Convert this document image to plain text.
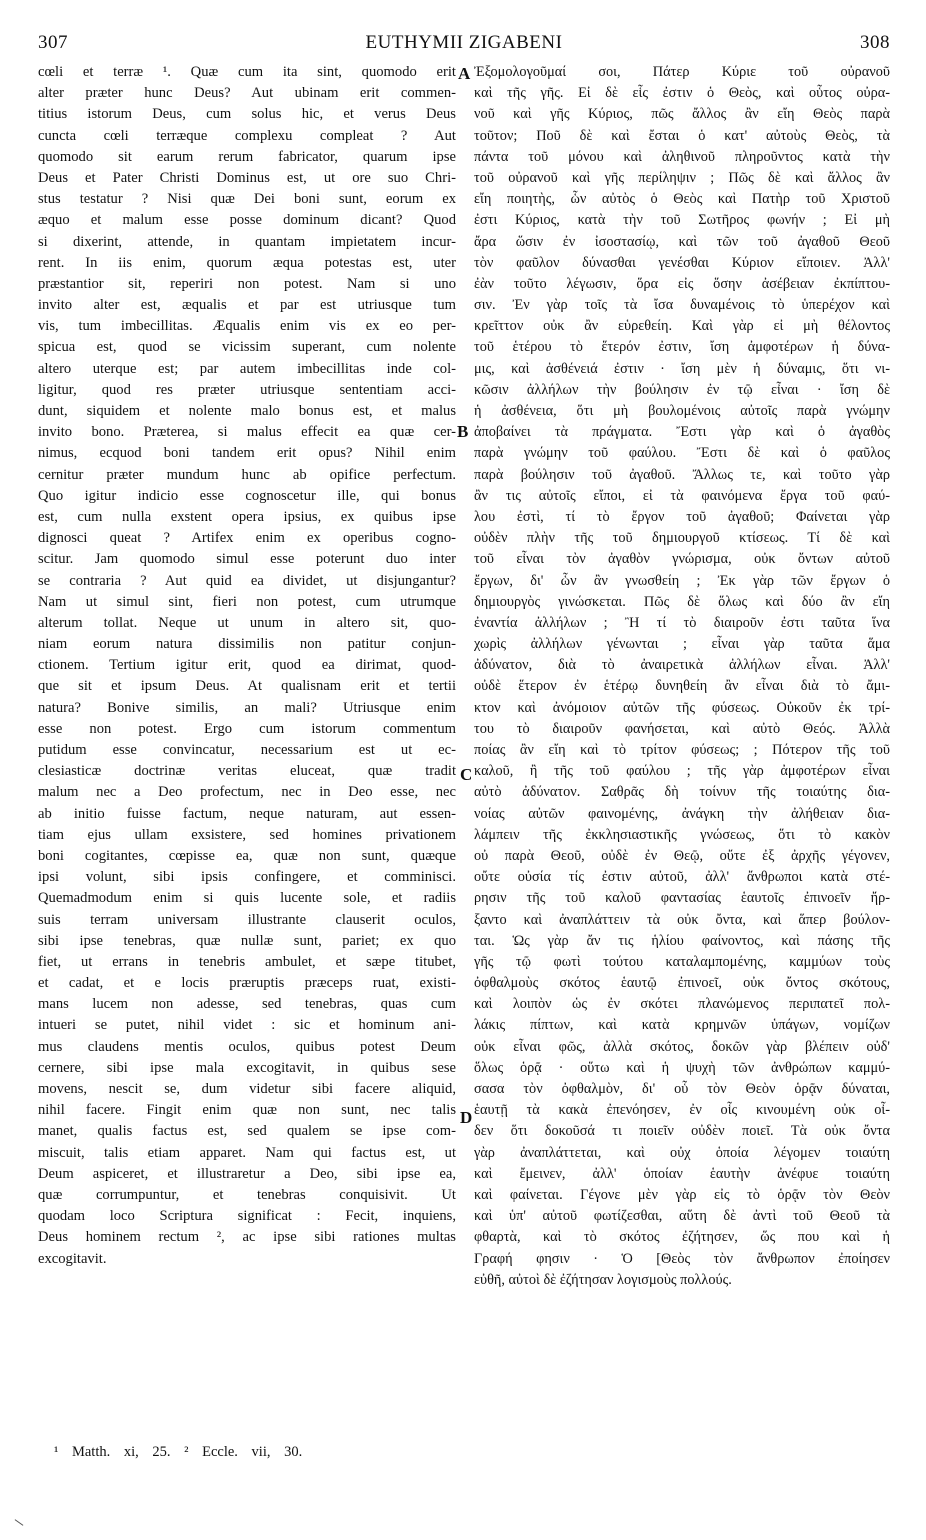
307	EUTHYMII ZIGABENI	308
cœli et terræ ¹. Quæ cum ita sint, quomodo erit
alter præter hunc Deus? Aut ubinam erit commen-
titius istorum Deus, cum solus hic, et verus Deus
cuncta cœli terræque complexu compleat ? Aut
quomodo sit earum rerum fabricator, quarum ipse
Deus et Pater Christi Dominus est, ut ore suo Chri-
stus testatur ? Nisi quæ Dei boni sunt, eorum ex
æquo et malum esse posse dominum dicant? Quod
si dixerint, attende, in quantam impietatem incur-
rent. In iis enim, quorum æqua potestas est, uter
præstantior sit, reperiri non potest. Nam si uno
invito alter est, æqualis et par est utriusque tum
vis, tum imbecillitas. Æqualis enim vis ex eo per-
spicua est, quod se vicissim superant, cum nolente
altero uterque est; par autem imbecillitas inde col-
ligitur, quod res præter utriusque sententiam acci-
dunt, siquidem et nolente malo bonus est, et malus
invito bono. Præterea, si malus effecit ea quæ cer-
nimus, ecquod boni tandem erit opus? Nihil enim
cernitur præter mundum hunc ab opifice perfectum.
Quo igitur indicio esse cognoscetur ille, qui bonus
est, cum nulla exstent opera ipsius, ex quibus ipse
dignosci queat ? Artifex enim ex operibus cogno-
scitur. Jam quomodo simul esse poterunt duo inter
se contraria ? Aut quid ea dividet, ut disjungantur?
Nam ut simul sint, fieri non potest, cum utrumque
alterum tollat. Neque ut unum in altero sit, quo-
niam eorum natura dissimilis non patitur conjun-
ctionem. Tertium igitur erit, quod ea dirimat, quod-
que sit et ipsum Deus. At qualisnam erit et tertii
natura? Bonive similis, an mali? Utriusque enim
esse non potest. Ergo cum istorum commentum
putidum esse convincatur, necessarium est ut ec-
clesiasticæ doctrinæ veritas eluceat, quæ tradit
malum nec a Deo profectum, nec in Deo esse, nec
ab initio fuisse factum, neque naturam, aut essen-
tiam ejus ullam exsistere, sed homines privationem
boni cogitantes, cœpisse ea, quæ non sunt, quæque
ipsi volunt, sibi ipsis confingere, et comminisci.
Quemadmodum enim si quis lucente sole, et radiis
suis terram universam illustrante clauserit oculos,
sibi ipse tenebras, quæ nullæ sunt, pariet; ex quo
fiet, ut errans in tenebris ambulet, et sæpe titubet,
et cadat, et e locis præruptis præceps ruat, existi-
mans lucem non adesse, sed tenebras, quas cum
intueri se putet, nihil videt : sic et hominum ani-
mus claudens mentis oculos, quibus potest Deum
cernere, sibi ipse mala excogitavit, in quibus sese
movens, nescit se, dum videtur sibi facere aliquid,
nihil facere. Fingit enim quæ non sunt, nec talis
manet, qualis factus est, sed qualem se ipse com-
miscuit, talis etiam apparet. Nam qui factus est, ut
Deum aspiceret, et illustraretur a Deo, sibi ipse ea,
quæ corrumpuntur, et tenebras conquisivit. Ut
quodam loco Scriptura significat : Fecit, inquiens,
Deus hominem rectum ², ac ipse sibi rationes multas
excogitavit.
Ἐξομολογοῦμαί σοι, Πάτερ Κύριε τοῦ οὐρανοῦ
καὶ τῆς γῆς. Εἰ δὲ εἷς ἐστιν ὁ Θεὸς, καὶ οὗτος οὐρα-
νοῦ καὶ γῆς Κύριος, πῶς ἄλλος ἂν εἴη Θεὸς παρὰ
τοῦτον; Ποῦ δὲ καὶ ἔσται ὁ κατ' αὐτοὺς Θεὸς, τὰ
πάντα τοῦ μόνου καὶ ἀληθινοῦ πληροῦντος κατὰ τὴν
τοῦ οὐρανοῦ καὶ γῆς περίληψιν ; Πῶς δὲ καὶ ἄλλος ἂν
εἴη ποιητὴς, ὧν αὐτὸς ὁ Θεὸς καὶ Πατὴρ τοῦ Χριστοῦ
ἐστι Κύριος, κατὰ τὴν τοῦ Σωτῆρος φωνήν ; Εἰ μὴ
ἄρα ὥσιν ἐν ἰσοστασίῳ, καὶ τῶν τοῦ ἀγαθοῦ Θεοῦ
τὸν φαῦλον δύνασθαι γενέσθαι Κύριον εἴποιεν. Ἀλλ'
ἐὰν τοῦτο λέγωσιν, ὅρα εἰς ὅσην ἀσέβειαν ἐκπίπτου-
σιν. Ἐν γὰρ τοῖς τὰ ἴσα δυναμένοις τὸ ὑπερέχον καὶ
κρεῖττον οὐκ ἂν εὑρεθείη. Καὶ γὰρ εἰ μὴ θέλοντος
τοῦ ἑτέρου τὸ ἕτερόν ἐστιν, ἴση ἀμφοτέρων ἡ δύνα-
μις, καὶ ἀσθένειά ἐστιν · ἴση μὲν ἡ δύναμις, ὅτι νι-
κῶσιν ἀλλήλων τὴν βούλησιν ἐν τῷ εἶναι · ἴση δὲ
ἡ ἀσθένεια, ὅτι μὴ βουλομένοις αὐτοῖς παρὰ γνώμην
ἀποβαίνει τὰ πράγματα. Ἔστι γὰρ καὶ ὁ ἀγαθὸς
παρὰ γνώμην τοῦ φαύλου. Ἔστι δὲ καὶ ὁ φαῦλος
παρὰ βούλησιν τοῦ ἀγαθοῦ. Ἄλλως τε, καὶ τοῦτο γὰρ
ἂν τις αὐτοῖς εἴποι, εἰ τὰ φαινόμενα ἔργα τοῦ φαύ-
λου ἐστὶ, τί τὸ ἔργον τοῦ ἀγαθοῦ; Φαίνεται γὰρ
οὐδὲν πλὴν τῆς τοῦ δημιουργοῦ κτίσεως. Τί δὲ καὶ
τοῦ εἶναι τὸν ἀγαθὸν γνώρισμα, οὐκ ὄντων αὐτοῦ
ἔργων, δι' ὧν ἂν γνωσθείη ; Ἐκ γὰρ τῶν ἔργων ὁ
δημιουργὸς γινώσκεται. Πῶς δὲ ὅλως καὶ δύο ἂν εἴη
ἐναντία ἀλλήλων ; Ἢ τί τὸ διαιροῦν ἐστι ταῦτα ἵνα
χωρὶς ἀλλήλων γένωνται ; εἶναι γὰρ ταῦτα ἅμα
ἀδύνατον, διὰ τὸ ἀναιρετικὰ ἀλλήλων εἶναι. Ἀλλ'
οὐδὲ ἕτερον ἐν ἑτέρῳ δυνηθείη ἂν εἶναι διὰ τὸ ἄμι-
κτον καὶ ἀνόμοιον αὐτῶν τῆς φύσεως. Οὐκοῦν ἐκ τρί-
του τὸ διαιροῦν φανήσεται, καὶ αὐτὸ Θεός. Ἀλλὰ
ποίας ἂν εἴη καὶ τὸ τρίτον φύσεως; ; Πότερον τῆς τοῦ
καλοῦ, ἢ τῆς τοῦ φαύλου ; τῆς γὰρ ἀμφοτέρων εἶναι
αὐτὸ ἀδύνατον. Σαθρᾶς δὴ τοίνυν τῆς τοιαύτης δια-
νοίας αὐτῶν φαινομένης, ἀνάγκη τὴν ἀλήθειαν δια-
λάμπειν τῆς ἐκκλησιαστικῆς γνώσεως, ὅτι τὸ κακὸν
οὐ παρὰ Θεοῦ, οὐδὲ ἐν Θεῷ, οὔτε ἐξ ἀρχῆς γέγονεν,
οὔτε οὐσία τίς ἐστιν αὐτοῦ, ἀλλ' ἄνθρωποι κατὰ στέ-
ρησιν τῆς τοῦ καλοῦ φαντασίας ἑαυτοῖς ἐπινοεῖν ἤρ-
ξαντο καὶ ἀναπλάττειν τὰ οὐκ ὄντα, καὶ ἅπερ βούλον-
ται. Ὡς γὰρ ἄν τις ἡλίου φαίνοντος, καὶ πάσης τῆς
γῆς τῷ φωτὶ τούτου καταλαμπομένης, καμμύων τοὺς
ὀφθαλμοὺς σκότος ἑαυτῷ ἐπινοεῖ, οὐκ ὄντος σκότους,
καὶ λοιπὸν ὡς ἐν σκότει πλανώμενος περιπατεῖ πολ-
λάκις πίπτων, καὶ κατὰ κρημνῶν ὑπάγων, νομίζων
οὐκ εἶναι φῶς, ἀλλὰ σκότος, δοκῶν γὰρ βλέπειν οὐδ'
ὅλως ὁρᾷ · οὕτω καὶ ἡ ψυχὴ τῶν ἀνθρώπων καμμύ-
σασα τὸν ὀφθαλμὸν, δι' οὗ τὸν Θεὸν ὁρᾷν δύναται,
ἑαυτῇ τὰ κακὰ ἐπενόησεν, ἐν οἷς κινουμένη οὐκ οἶ-
δεν ὅτι δοκοῦσά τι ποιεῖν οὐδὲν ποιεῖ. Τὰ οὐκ ὄντα
γὰρ ἀναπλάττεται, καὶ οὐχ ὁποία λέγομεν τοιαύτη
καὶ ἔμεινεν, ἀλλ' ὁποίαν ἑαυτὴν ἀνέφυε τοιαύτη
καὶ φαίνεται. Γέγονε μὲν γὰρ εἰς τὸ ὁρᾷν τὸν Θεὸν
καὶ ὑπ' αὐτοῦ φωτίζεσθαι, αὕτη δὲ ἀντὶ τοῦ Θεοῦ τὰ
φθαρτὰ, καὶ τὸ σκότος ἐζήτησεν, ὥς που καὶ ἡ
Γραφή φησιν · Ὁ [Θεὸς τὸν ἄνθρωπον ἐποίησεν
εὐθῆ, αὐτοὶ δὲ ἐζήτησαν λογισμοὺς πολλούς.
A
B
C
D
¹ Matth. xi, 25. ² Eccle. vii, 30.
